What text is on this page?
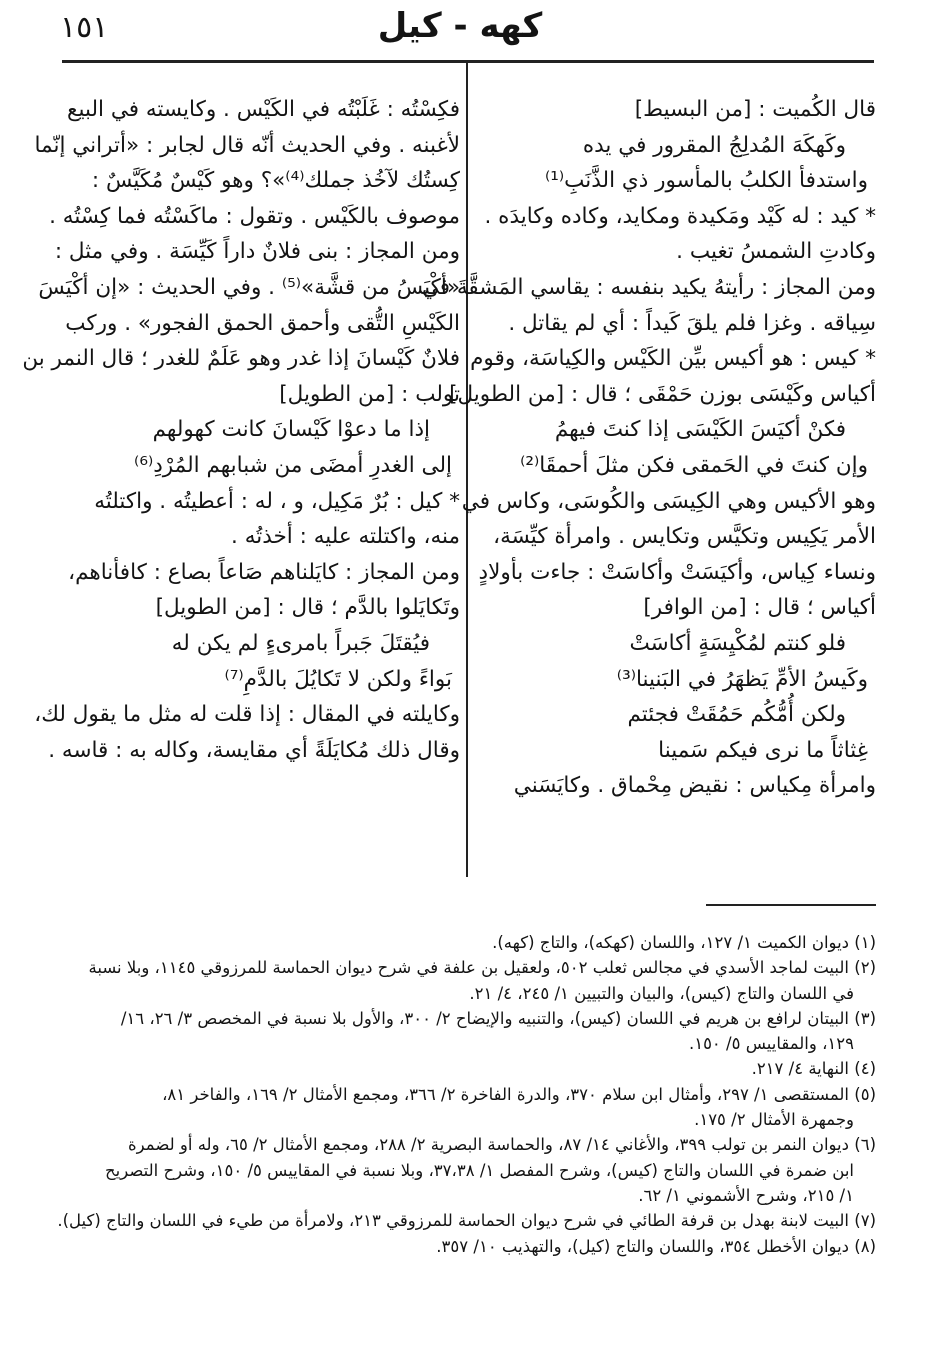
١٥١	كهه - كيل
قال الكُميت : [من البسيط]
وكَهكَهَ المُدلِجُ المقرور في يده
واستدفأ الكلبُ بالمأسور ذي الذَّنَبِ⁽¹⁾
* كيد : له كَيْد ومَكيدة ومكايد، وكاده وكايدَه .
وكادتِ الشمسُ تغيب .
ومن المجاز : رأيتهُ يكيد بنفسه : يقاسي المَشقَّةَ في
سِياقه . وغزا فلم يلقَ كَيداً : أي لم يقاتل .
* كيس : هو أكيس بيِّن الكَيْس والكِياسَة، وقوم
أكياس وكَيْسَى بوزن حَمْقَى ؛ قال : [من الطويل]
فكنْ أكيَسَ الكَيْسَى إذا كنتَ فيهمُ
وإن كنتَ في الحَمقى فكن مثلَ أحمقَا⁽²⁾
وهو الأكيس وهي الكِيسَى والكُوسَى، وكاس في
الأمر يَكِيس وتكيَّس وتكايس . وامرأة كيِّسَة،
ونساء كِياس، وأكيَسَتْ وأكاسَتْ : جاءت بأولادٍ
أكياس ؛ قال : [من الوافر]
فلو كنتم لمُكْيِسَةٍ أكاسَتْ
وكَيسُ الأمِّ يَظهَرُ في البَنينا⁽³⁾
ولكن أُمُّكُم حَمُقَتْ فجئتم
غِثاثاً ما نرى فيكم سَمينا
وامرأة مِكياس : نقيض مِحْماق . وكايَسَني
فكِسْتُه : غَلَبْتُه في الكَيْس . وكايسته في البيع
لأغبنه . وفي الحديث أنّه قال لجابر : «أتراني إنّما
كِستُك لآخُذ جملك⁽⁴⁾»؟ وهو كَيْسٌ مُكَيَّسٌ :
موصوف بالكَيْس . وتقول : ماكَسْتُه فما كِسْتُه .
ومن المجاز : بنى فلانٌ داراً كَيِّسَة . وفي مثل :
«أكْيَسُ من قشَّة»⁽⁵⁾ . وفي الحديث : «إن أكْيَسَ
الكَيْسِ التُّقى وأحمق الحمق الفجور» . وركب
فلانٌ كَيْسانَ إذا غدر وهو عَلَمٌ للغدر ؛ قال النمر بن
تولب : [من الطويل]
إذا ما دعوْا كَيْسانَ كانت كهولهم
إلى الغدرِ أمضَى من شبابهم المُرْدِ⁽⁶⁾
* كيل : بُرٌ مَكِيل، و ، له : أعطيتُه . واكتلتُه
منه، واكتلته عليه : أخذتُه .
ومن المجاز : كايَلناهم صَاعاً بصاع : كافأناهم،
وتَكايَلوا بالدَّم ؛ قال : [من الطويل]
فيُقتَلَ جَبراً بامرىءٍ لم يكن له
بَواءً ولكن لا تَكايُلَ بالدَّمِ⁽⁷⁾
وكايلته في المقال : إذا قلت له مثل ما يقول لك،
وقال ذلك مُكايَلَةً أي مقايسة، وكاله به : قاسه .
(١) ديوان الكميت ١/ ١٢٧، واللسان (كهكه)، والتاج (كهه).
(٢) البيت لماجد الأسدي في مجالس ثعلب ٥٠٢، ولعقيل بن علفة في شرح ديوان الحماسة للمرزوقي ١١٤٥، وبلا نسبة
في اللسان والتاج (كيس)، والبيان والتبيين ١/ ٢٤٥، ٤/ ٢١.
(٣) البيتان لرافع بن هريم في اللسان (كيس)، والتنبيه والإيضاح ٢/ ٣٠٠، والأول بلا نسبة في المخصص ٣/ ٢٦، ١٦/
١٢٩، والمقاييس ٥/ ١٥٠.
(٤) النهاية ٤/ ٢١٧.
(٥) المستقصى ١/ ٢٩٧، وأمثال ابن سلام ٣٧٠، والدرة الفاخرة ٢/ ٣٦٦، ومجمع الأمثال ٢/ ١٦٩، والفاخر ٨١،
وجمهرة الأمثال ٢/ ١٧٥.
(٦) ديوان النمر بن تولب ٣٩٩، والأغاني ١٤/ ٨٧، والحماسة البصرية ٢/ ٢٨٨، ومجمع الأمثال ٢/ ٦٥، وله أو لضمرة
ابن ضمرة في اللسان والتاج (كيس)، وشرح المفصل ١/ ٣٧،٣٨، وبلا نسبة في المقاييس ٥/ ١٥٠، وشرح التصريح
١/ ٢١٥، وشرح الأشموني ١/ ٦٢.
(٧) البيت لابنة بهدل بن قرفة الطائي في شرح ديوان الحماسة للمرزوقي ٢١٣، ولامرأة من طيء في اللسان والتاج (كيل).
(٨) ديوان الأخطل ٣٥٤، واللسان والتاج (كيل)، والتهذيب ١٠/ ٣٥٧.
